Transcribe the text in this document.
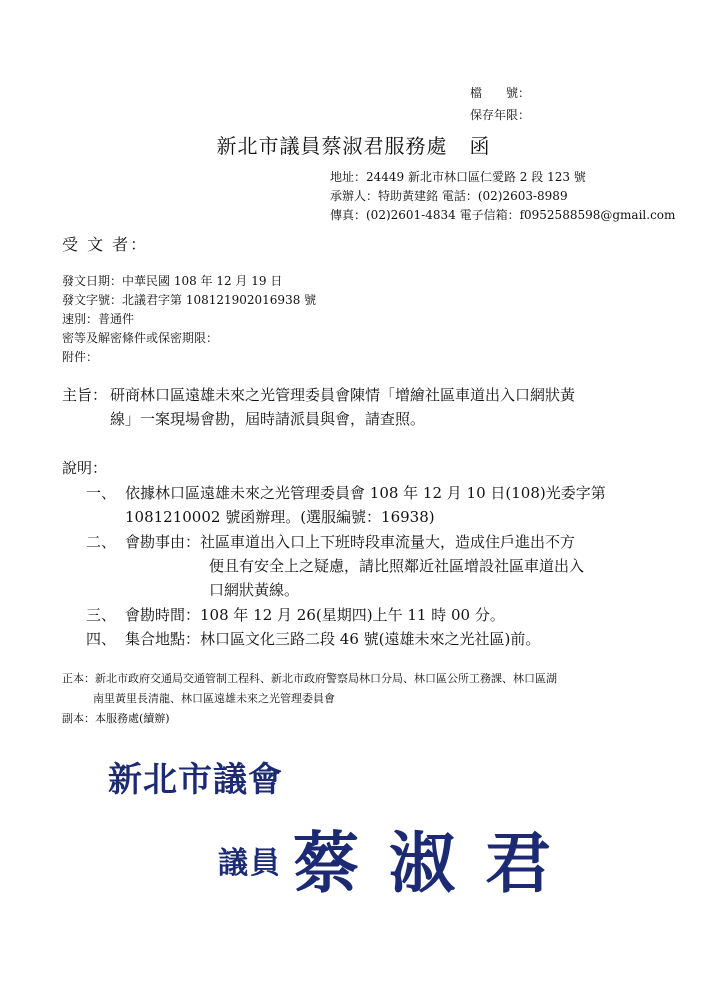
檔　　號：
保存年限：
新北市議員蔡淑君服務處 函
地址：24449 新北市林口區仁愛路 2 段 123 號
承辦人：特助黃建銘 電話：(02)2603-8989
傳真：(02)2601-4834 電子信箱：f0952588598@gmail.com
受 文 者：
發文日期：中華民國 108 年 12 月 19 日
發文字號：北議君字第 108121902016938 號
速別：普通件
密等及解密條件或保密期限：
附件：
主旨： 研商林口區遠雄未來之光管理委員會陳情「增繪社區車道出入口網狀黃
線」一案現場會勘，屆時請派員與會，請查照。
說明：
一、 依據林口區遠雄未來之光管理委員會 108 年 12 月 10 日(108)光委字第
1081210002 號函辦理。(選服編號：16938)
二、 會勘事由：社區車道出入口上下班時段車流量大，造成住戶進出不方
便且有安全上之疑慮，請比照鄰近社區增設社區車道出入
口網狀黃線。
三、 會勘時間：108 年 12 月 26(星期四)上午 11 時 00 分。
四、 集合地點：林口區文化三路二段 46 號(遠雄未來之光社區)前。
正本：新北市政府交通局交通管制工程科、新北市政府警察局林口分局、林口區公所工務課、林口區湖
南里黃里長清龍、林口區遠雄未來之光管理委員會
副本：本服務處(續辦)
新北市議會
議員 蔡淑君
